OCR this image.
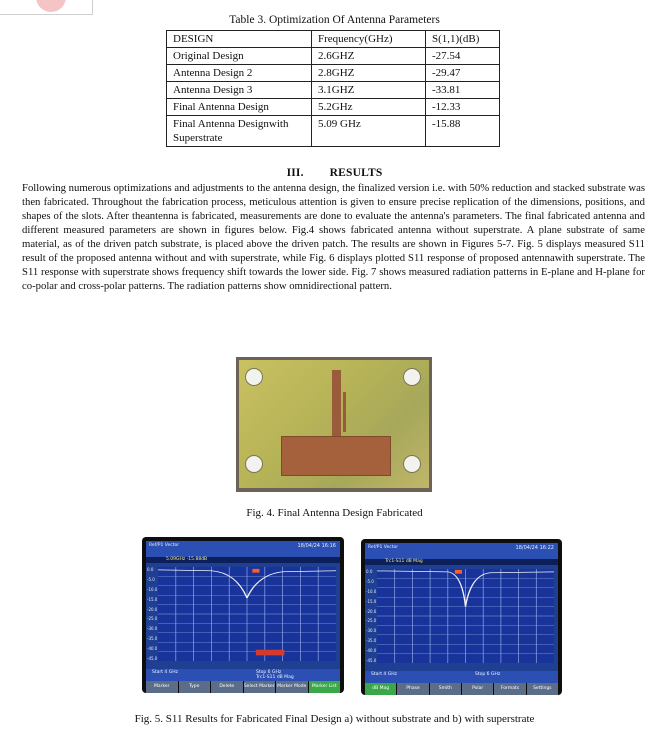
Table 3. Optimization Of Antenna Parameters
DESIGN	Frequency(GHz)	S(1,1)(dB)
Original Design	2.6GHZ	-27.54
Antenna Design 2	2.8GHZ	-29.47
Antenna Design 3	3.1GHZ	-33.81
Final Antenna Design	5.2GHz	-12.33
Final Antenna Designwith Superstrate	5.09 GHz	-15.88
III. RESULTS
Following numerous optimizations and adjustments to the antenna design, the finalized version i.e. with 50% reduction and stacked substrate was then fabricated. Throughout the fabrication process, meticulous attention is given to ensure precise replication of the dimensions, positions, and shapes of the slots. After theantenna is fabricated, measurements are done to evaluate the antenna's parameters. The final fabricated antenna and different measured parameters are shown in figures below. Fig.4 shows fabricated antenna without superstrate. A plane substrate of same material, as of the driven patch substrate, is placed above the driven patch. The results are shown in Figures 5-7. Fig. 5 displays measured S11 result of the proposed antenna without and with superstrate, while Fig. 6 displays plotted S11 response of proposed antennawith superstrate. The S11 response with superstrate shows frequency shift towards the lower side. Fig. 7 shows measured radiation patterns in E-plane and H-plane for co-polar and cross-polar patterns. The radiation patterns show omnidirectional pattern.
Fig. 4. Final Antenna Design Fabricated
Ref/P1 Vector	18/04/24 16:16
5.09GHz -15.88dB
0.0
-5.0
-10.0
-15.0
-20.0
-25.0
-30.0
-35.0
-40.0
-45.0
Start 4 GHz	Stop 6 GHz
Trc1-S11 dB Mag
Marker	Type	Delete Marker
Select Marker Marker Mode	Marker List
Ref/P1 Vector	18/04/24 16:22
Trc1-S11 dB Mag
0.0
-5.0
-10.0
-15.0
-20.0
-25.0
-30.0
-35.0
-40.0
-45.0
Start 4 GHz	Stop 6 GHz
dB Mag	Phase	Smith	Polar	Formats	Settings
Fig. 5. S11 Results for Fabricated Final Design a) without substrate and b) with superstrate
